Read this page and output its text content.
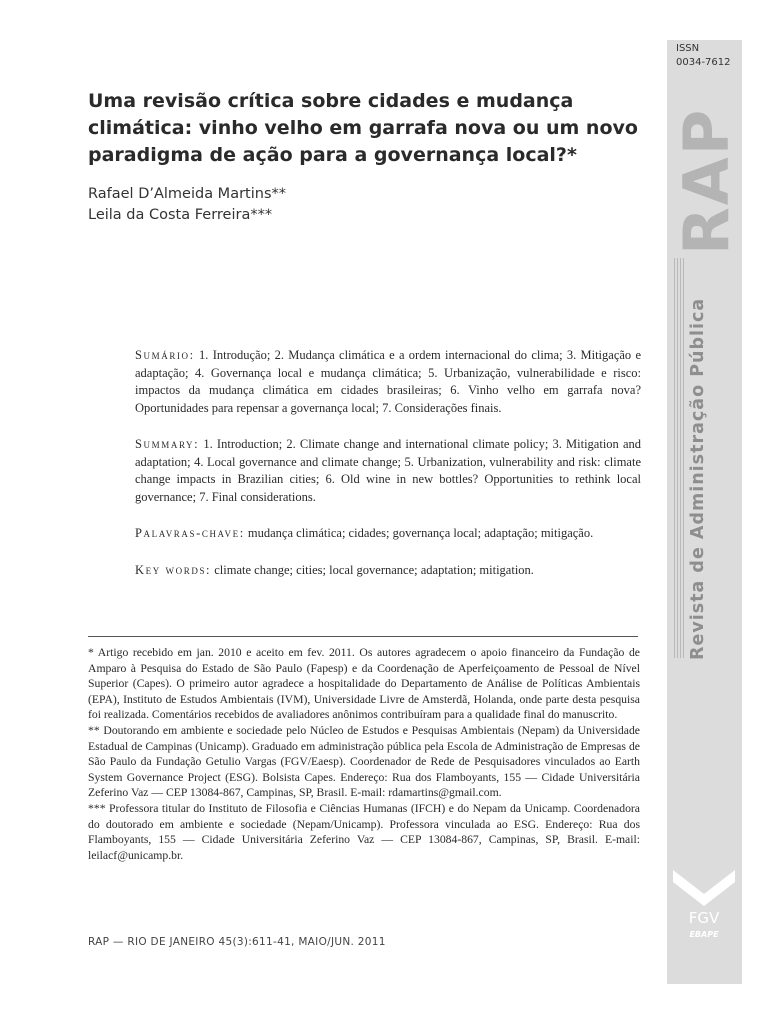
ISSN
0034-7612
RAP
Revista de Administração Pública
FGV
EBAPE
Uma revisão crítica sobre cidades e mudança climática: vinho velho em garrafa nova ou um novo paradigma de ação para a governança local?*
Rafael D’Almeida Martins**
Leila da Costa Ferreira***

Sumário: 1. Introdução; 2. Mudança climática e a ordem internacional do clima; 3. Mitigação e adaptação; 4. Governança local e mudança climática; 5. Urbanização, vulnerabilidade e risco: impactos da mudança climática em cidades brasileiras; 6. Vinho velho em garrafa nova? Oportunidades para repensar a governança local; 7. Considerações finais.

Summary: 1. Introduction; 2. Climate change and international climate policy; 3. Mitigation and adaptation; 4. Local governance and climate change; 5. Urbanization, vulnerability and risk: climate change impacts in Brazilian cities; 6. Old wine in new bottles? Opportunities to rethink local governance; 7. Final considerations.

Palavras-chave: mudança climática; cidades; governança local; adaptação; mitigação.

Key words: climate change; cities; local governance; adaptation; mitigation.

* Artigo recebido em jan. 2010 e aceito em fev. 2011. Os autores agradecem o apoio financeiro da Fundação de Amparo à Pesquisa do Estado de São Paulo (Fapesp) e da Coordenação de Aperfeiçoamento de Pessoal de Nível Superior (Capes). O primeiro autor agradece a hospitalidade do Departamento de Análise de Políticas Ambientais (EPA), Instituto de Estudos Ambientais (IVM), Universidade Livre de Amsterdã, Holanda, onde parte desta pesquisa foi realizada. Comentários recebidos de avaliadores anônimos contribuíram para a qualidade final do manuscrito.

** Doutorando em ambiente e sociedade pelo Núcleo de Estudos e Pesquisas Ambientais (Nepam) da Universidade Estadual de Campinas (Unicamp). Graduado em administração pública pela Escola de Administração de Empresas de São Paulo da Fundação Getulio Vargas (FGV/Eaesp). Coordenador de Rede de Pesquisadores vinculados ao Earth System Governance Project (ESG). Bolsista Capes. Endereço: Rua dos Flamboyants, 155 — Cidade Universitária Zeferino Vaz — CEP 13084-867, Campinas, SP, Brasil. E-mail: rdamartins@gmail.com.

*** Professora titular do Instituto de Filosofia e Ciências Humanas (IFCH) e do Nepam da Unicamp. Coordenadora do doutorado em ambiente e sociedade (Nepam/Unicamp). Professora vinculada ao ESG. Endereço: Rua dos Flamboyants, 155 — Cidade Universitária Zeferino Vaz — CEP 13084-867, Campinas, SP, Brasil. E-mail: leilacf@unicamp.br.

RAP — RIO DE JANEIRO 45(3):611-41, MAIO/JUN. 2011
